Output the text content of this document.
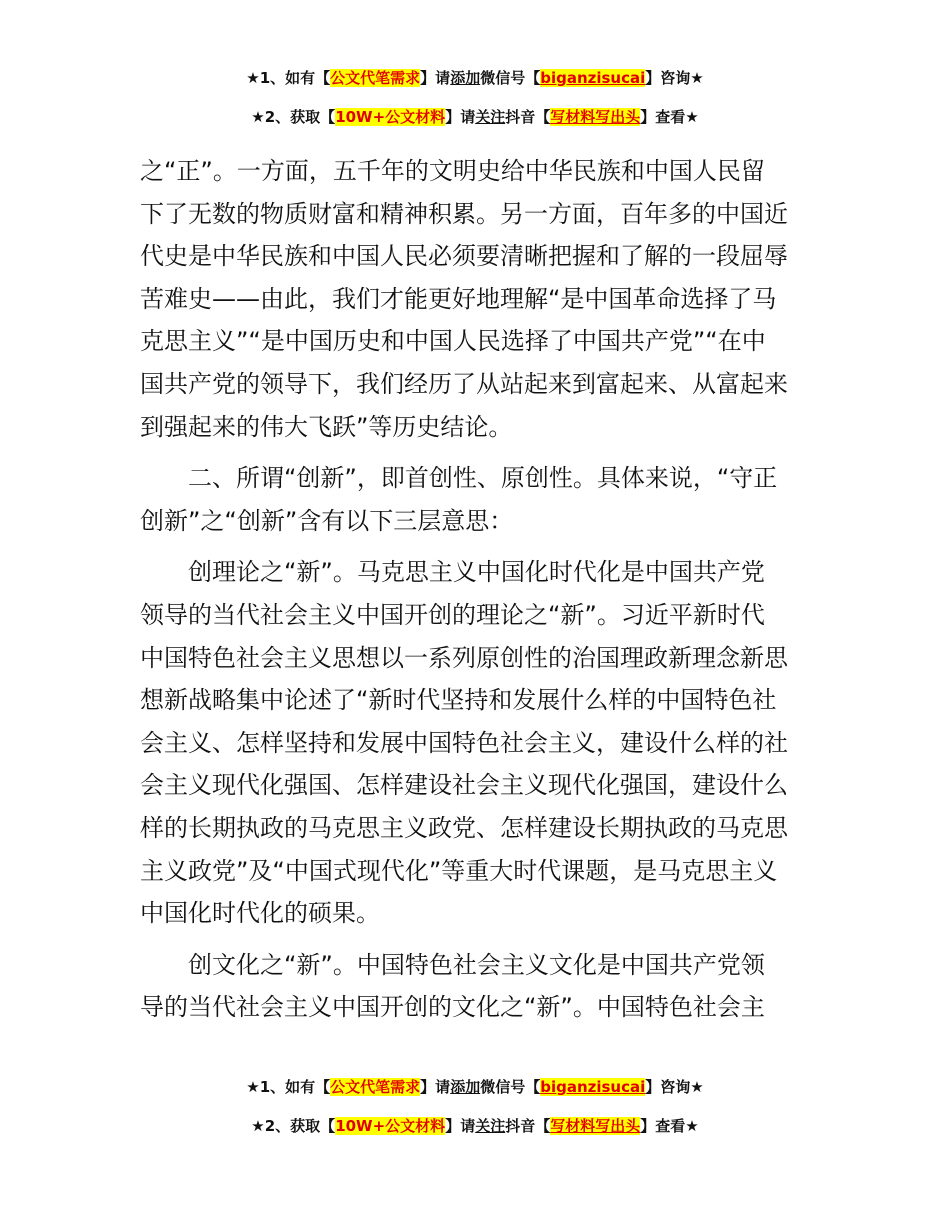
★1、如有【公文代笔需求】请添加微信号【biganzisucai】咨询★
★2、获取【10W+公文材料】请关注抖音【写材料写出头】查看★
之“正”。一方面，五千年的文明史给中华民族和中国人民留
下了无数的物质财富和精神积累。另一方面，百年多的中国近
代史是中华民族和中国人民必须要清晰把握和了解的一段屈辱
苦难史——由此，我们才能更好地理解“是中国革命选择了马
克思主义”“是中国历史和中国人民选择了中国共产党”“在中
国共产党的领导下，我们经历了从站起来到富起来、从富起来
到强起来的伟大飞跃”等历史结论。
二、所谓“创新”，即首创性、原创性。具体来说，“守正
创新”之“创新”含有以下三层意思：
创理论之“新”。马克思主义中国化时代化是中国共产党
领导的当代社会主义中国开创的理论之“新”。习近平新时代
中国特色社会主义思想以一系列原创性的治国理政新理念新思
想新战略集中论述了“新时代坚持和发展什么样的中国特色社
会主义、怎样坚持和发展中国特色社会主义，建设什么样的社
会主义现代化强国、怎样建设社会主义现代化强国，建设什么
样的长期执政的马克思主义政党、怎样建设长期执政的马克思
主义政党”及“中国式现代化”等重大时代课题，是马克思主义
中国化时代化的硕果。
创文化之“新”。中国特色社会主义文化是中国共产党领
导的当代社会主义中国开创的文化之“新”。中国特色社会主
★1、如有【公文代笔需求】请添加微信号【biganzisucai】咨询★
★2、获取【10W+公文材料】请关注抖音【写材料写出头】查看★
